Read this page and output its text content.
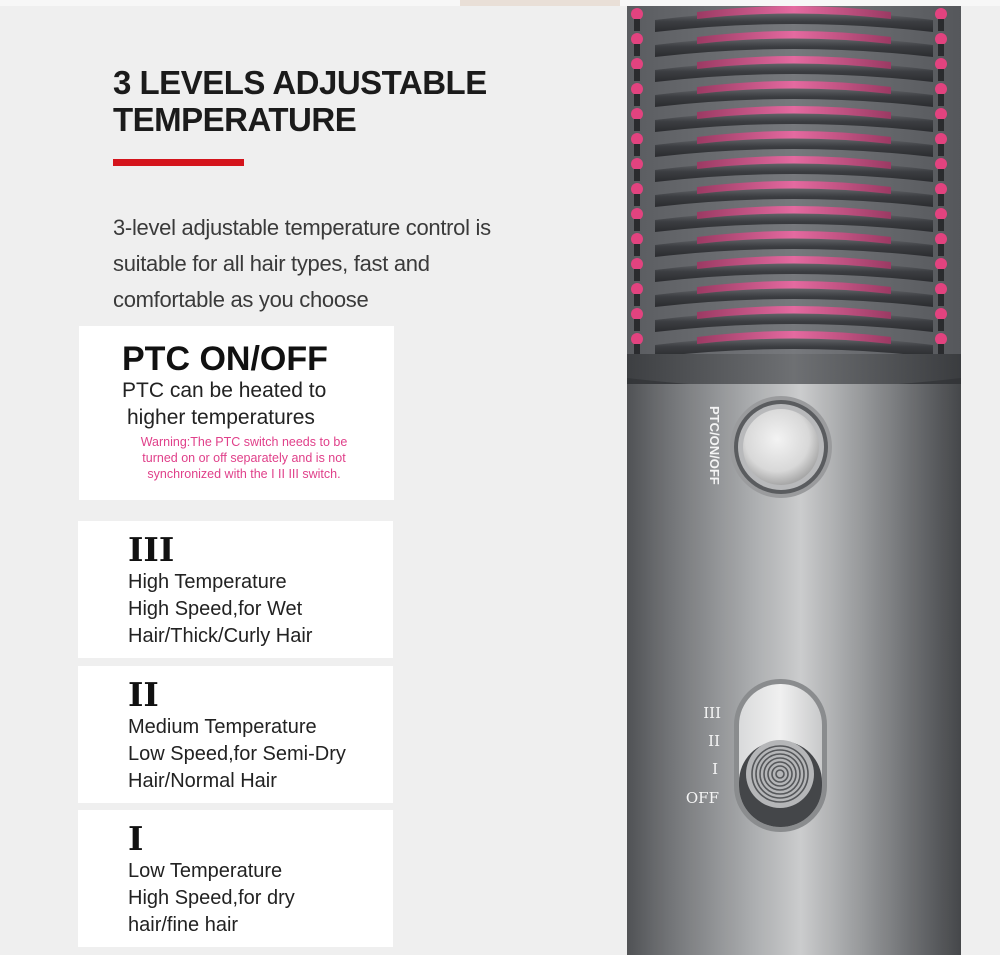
3 LEVELS ADJUSTABLE
TEMPERATURE
3-level adjustable temperature control is
suitable for all hair types, fast and
comfortable as you choose
PTC ON/OFF
PTC can be heated to
higher temperatures
Warning:The PTC switch needs to be
turned on or off separately and is not
synchronized with the I II III switch.
III
High Temperature
High Speed,for Wet
Hair/Thick/Curly Hair
II
Medium Temperature
Low Speed,for Semi-Dry
Hair/Normal Hair
I
Low Temperature
High Speed,for dry
hair/fine hair
PTC/ON/OFF
III
II
I
OFF
